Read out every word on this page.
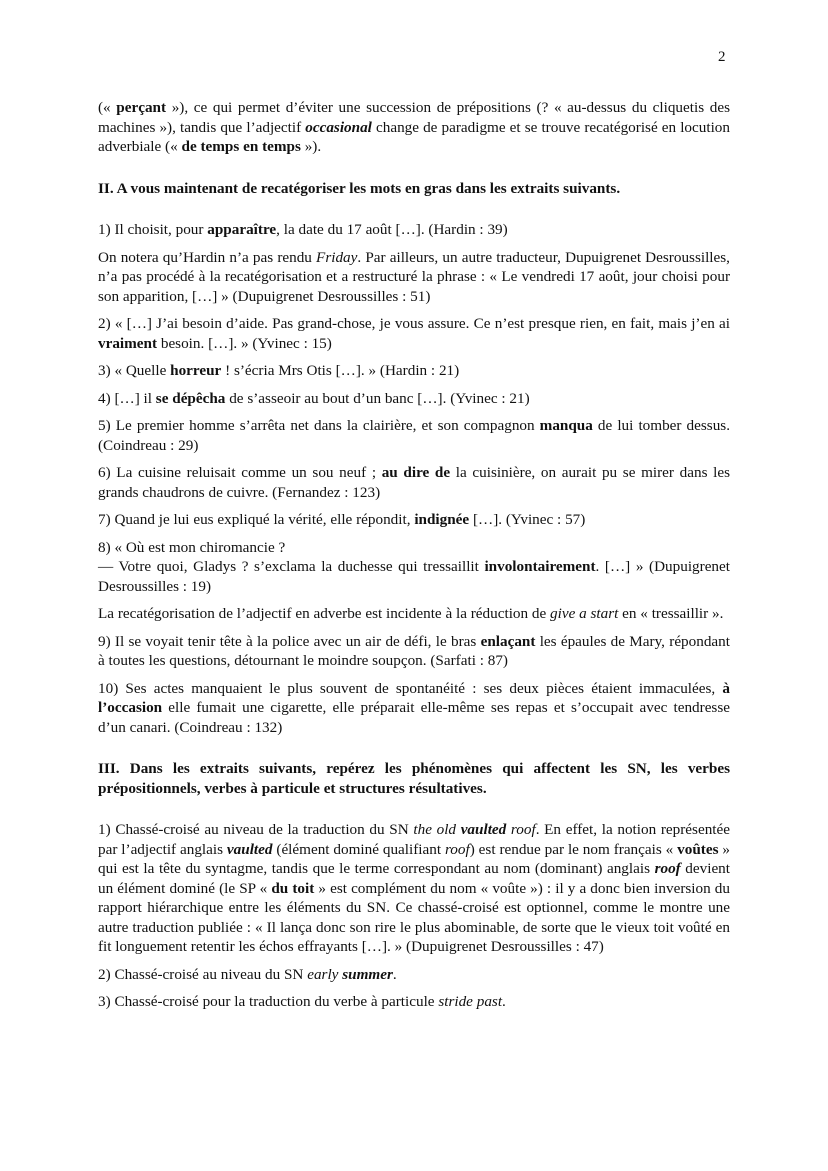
2

(« perçant »), ce qui permet d’éviter une succession de prépositions (? « au-dessus du cliquetis des machines »), tandis que l’adjectif occasional change de paradigme et se trouve recatégorisé en locution adverbiale (« de temps en temps »).

II. A vous maintenant de recatégoriser les mots en gras dans les extraits suivants.

1) Il choisit, pour apparaître, la date du 17 août […]. (Hardin : 39)

On notera qu’Hardin n’a pas rendu Friday. Par ailleurs, un autre traducteur, Dupuigrenet Desroussilles, n’a pas procédé à la recatégorisation et a restructuré la phrase : « Le vendredi 17 août, jour choisi pour son apparition, […] » (Dupuigrenet Desroussilles : 51)

2) « […] J’ai besoin d’aide. Pas grand-chose, je vous assure. Ce n’est presque rien, en fait, mais j’en ai vraiment besoin. […]. » (Yvinec : 15)

3) « Quelle horreur ! s’écria Mrs Otis […]. » (Hardin : 21)

4) […] il se dépêcha de s’asseoir au bout d’un banc […]. (Yvinec : 21)

5) Le premier homme s’arrêta net dans la clairière, et son compagnon manqua de lui tomber dessus. (Coindreau : 29)

6) La cuisine reluisait comme un sou neuf ; au dire de la cuisinière, on aurait pu se mirer dans les grands chaudrons de cuivre. (Fernandez : 123)

7) Quand je lui eus expliqué la vérité, elle répondit, indignée […]. (Yvinec : 57)

8) « Où est mon chiromancie ?
— Votre quoi, Gladys ? s’exclama la duchesse qui tressaillit involontairement. […] » (Dupuigrenet Desroussilles : 19)

La recatégorisation de l’adjectif en adverbe est incidente à la réduction de give a start en « tressaillir ».

9) Il se voyait tenir tête à la police avec un air de défi, le bras enlaçant les épaules de Mary, répondant à toutes les questions, détournant le moindre soupçon. (Sarfati : 87)

10) Ses actes manquaient le plus souvent de spontanéité : ses deux pièces étaient immaculées, à l’occasion elle fumait une cigarette, elle préparait elle-même ses repas et s’occupait avec tendresse d’un canari. (Coindreau : 132)

III. Dans les extraits suivants, repérez les phénomènes qui affectent les SN, les verbes prépositionnels, verbes à particule et structures résultatives.

1) Chassé-croisé au niveau de la traduction du SN the old vaulted roof. En effet, la notion représentée par l’adjectif anglais vaulted (élément dominé qualifiant roof) est rendue par le nom français « voûtes » qui est la tête du syntagme, tandis que le terme correspondant au nom (dominant) anglais roof devient un élément dominé (le SP « du toit » est complément du nom « voûte ») : il y a donc bien inversion du rapport hiérarchique entre les éléments du SN. Ce chassé-croisé est optionnel, comme le montre une autre traduction publiée : « Il lança donc son rire le plus abominable, de sorte que le vieux toit voûté en fit longuement retentir les échos effrayants […]. » (Dupuigrenet Desroussilles : 47)

2) Chassé-croisé au niveau du SN early summer.

3) Chassé-croisé pour la traduction du verbe à particule stride past.
